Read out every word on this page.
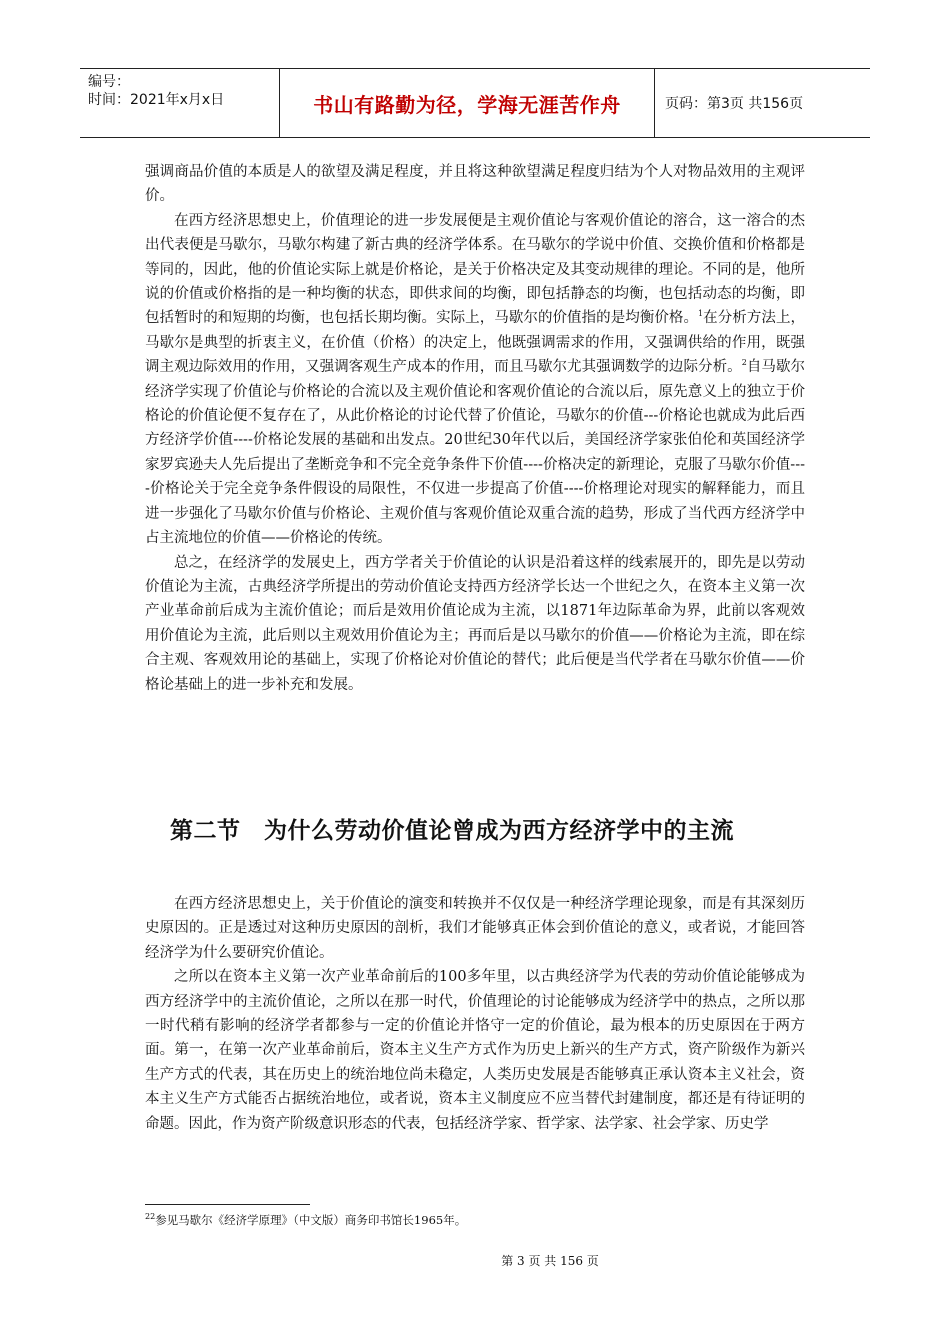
编号：
时间：2021年x月x日	书山有路勤为径，学海无涯苦作舟	页码：第3页 共156页

强调商品价值的本质是人的欲望及满足程度，并且将这种欲望满足程度归结为个人对物品效用的主观评价。

在西方经济思想史上，价值理论的进一步发展便是主观价值论与客观价值论的溶合，这一溶合的杰出代表便是马歇尔，马歇尔构建了新古典的经济学体系。在马歇尔的学说中价值、交换价值和价格都是等同的，因此，他的价值论实际上就是价格论，是关于价格决定及其变动规律的理论。不同的是，他所说的价值或价格指的是一种均衡的状态，即供求间的均衡，即包括静态的均衡，也包括动态的均衡，即包括暂时的和短期的均衡，也包括长期均衡。实际上，马歇尔的价值指的是均衡价格。$^1$在分析方法上，马歇尔是典型的折衷主义，在价值（价格）的决定上，他既强调需求的作用，又强调供给的作用，既强调主观边际效用的作用，又强调客观生产成本的作用，而且马歇尔尤其强调数学的边际分析。$^2$自马歇尔经济学实现了价值论与价格论的合流以及主观价值论和客观价值论的合流以后，原先意义上的独立于价格论的价值论便不复存在了，从此价格论的讨论代替了价值论，马歇尔的价值---价格论也就成为此后西方经济学价值----价格论发展的基础和出发点。20世纪30年代以后，美国经济学家张伯伦和英国经济学家罗宾逊夫人先后提出了垄断竞争和不完全竞争条件下价值----价格决定的新理论，克服了马歇尔价值----价格论关于完全竞争条件假设的局限性，不仅进一步提高了价值----价格理论对现实的解释能力，而且进一步强化了马歇尔价值与价格论、主观价值与客观价值论双重合流的趋势，形成了当代西方经济学中占主流地位的价值——价格论的传统。

总之，在经济学的发展史上，西方学者关于价值论的认识是沿着这样的线索展开的，即先是以劳动价值论为主流，古典经济学所提出的劳动价值论支持西方经济学长达一个世纪之久，在资本主义第一次产业革命前后成为主流价值论；而后是效用价值论成为主流，以1871年边际革命为界，此前以客观效用价值论为主流，此后则以主观效用价值论为主；再而后是以马歇尔的价值——价格论为主流，即在综合主观、客观效用论的基础上，实现了价格论对价值论的替代；此后便是当代学者在马歇尔价值——价格论基础上的进一步补充和发展。

第二节　为什么劳动价值论曾成为西方经济学中的主流

在西方经济思想史上，关于价值论的演变和转换并不仅仅是一种经济学理论现象，而是有其深刻历史原因的。正是透过对这种历史原因的剖析，我们才能够真正体会到价值论的意义，或者说，才能回答经济学为什么要研究价值论。

之所以在资本主义第一次产业革命前后的100多年里，以古典经济学为代表的劳动价值论能够成为西方经济学中的主流价值论，之所以在那一时代，价值理论的讨论能够成为经济学中的热点，之所以那一时代稍有影响的经济学者都参与一定的价值论并恪守一定的价值论，最为根本的历史原因在于两方面。第一，在第一次产业革命前后，资本主义生产方式作为历史上新兴的生产方式，资产阶级作为新兴生产方式的代表，其在历史上的统治地位尚未稳定，人类历史发展是否能够真正承认资本主义社会，资本主义生产方式能否占据统治地位，或者说，资本主义制度应不应当替代封建制度，都还是有待证明的命题。因此，作为资产阶级意识形态的代表，包括经济学家、哲学家、法学家、社会学家、历史学

$^{22}$参见马歇尔《经济学原理》（中文版）商务印书馆长1965年。
第 3 页 共 156 页
